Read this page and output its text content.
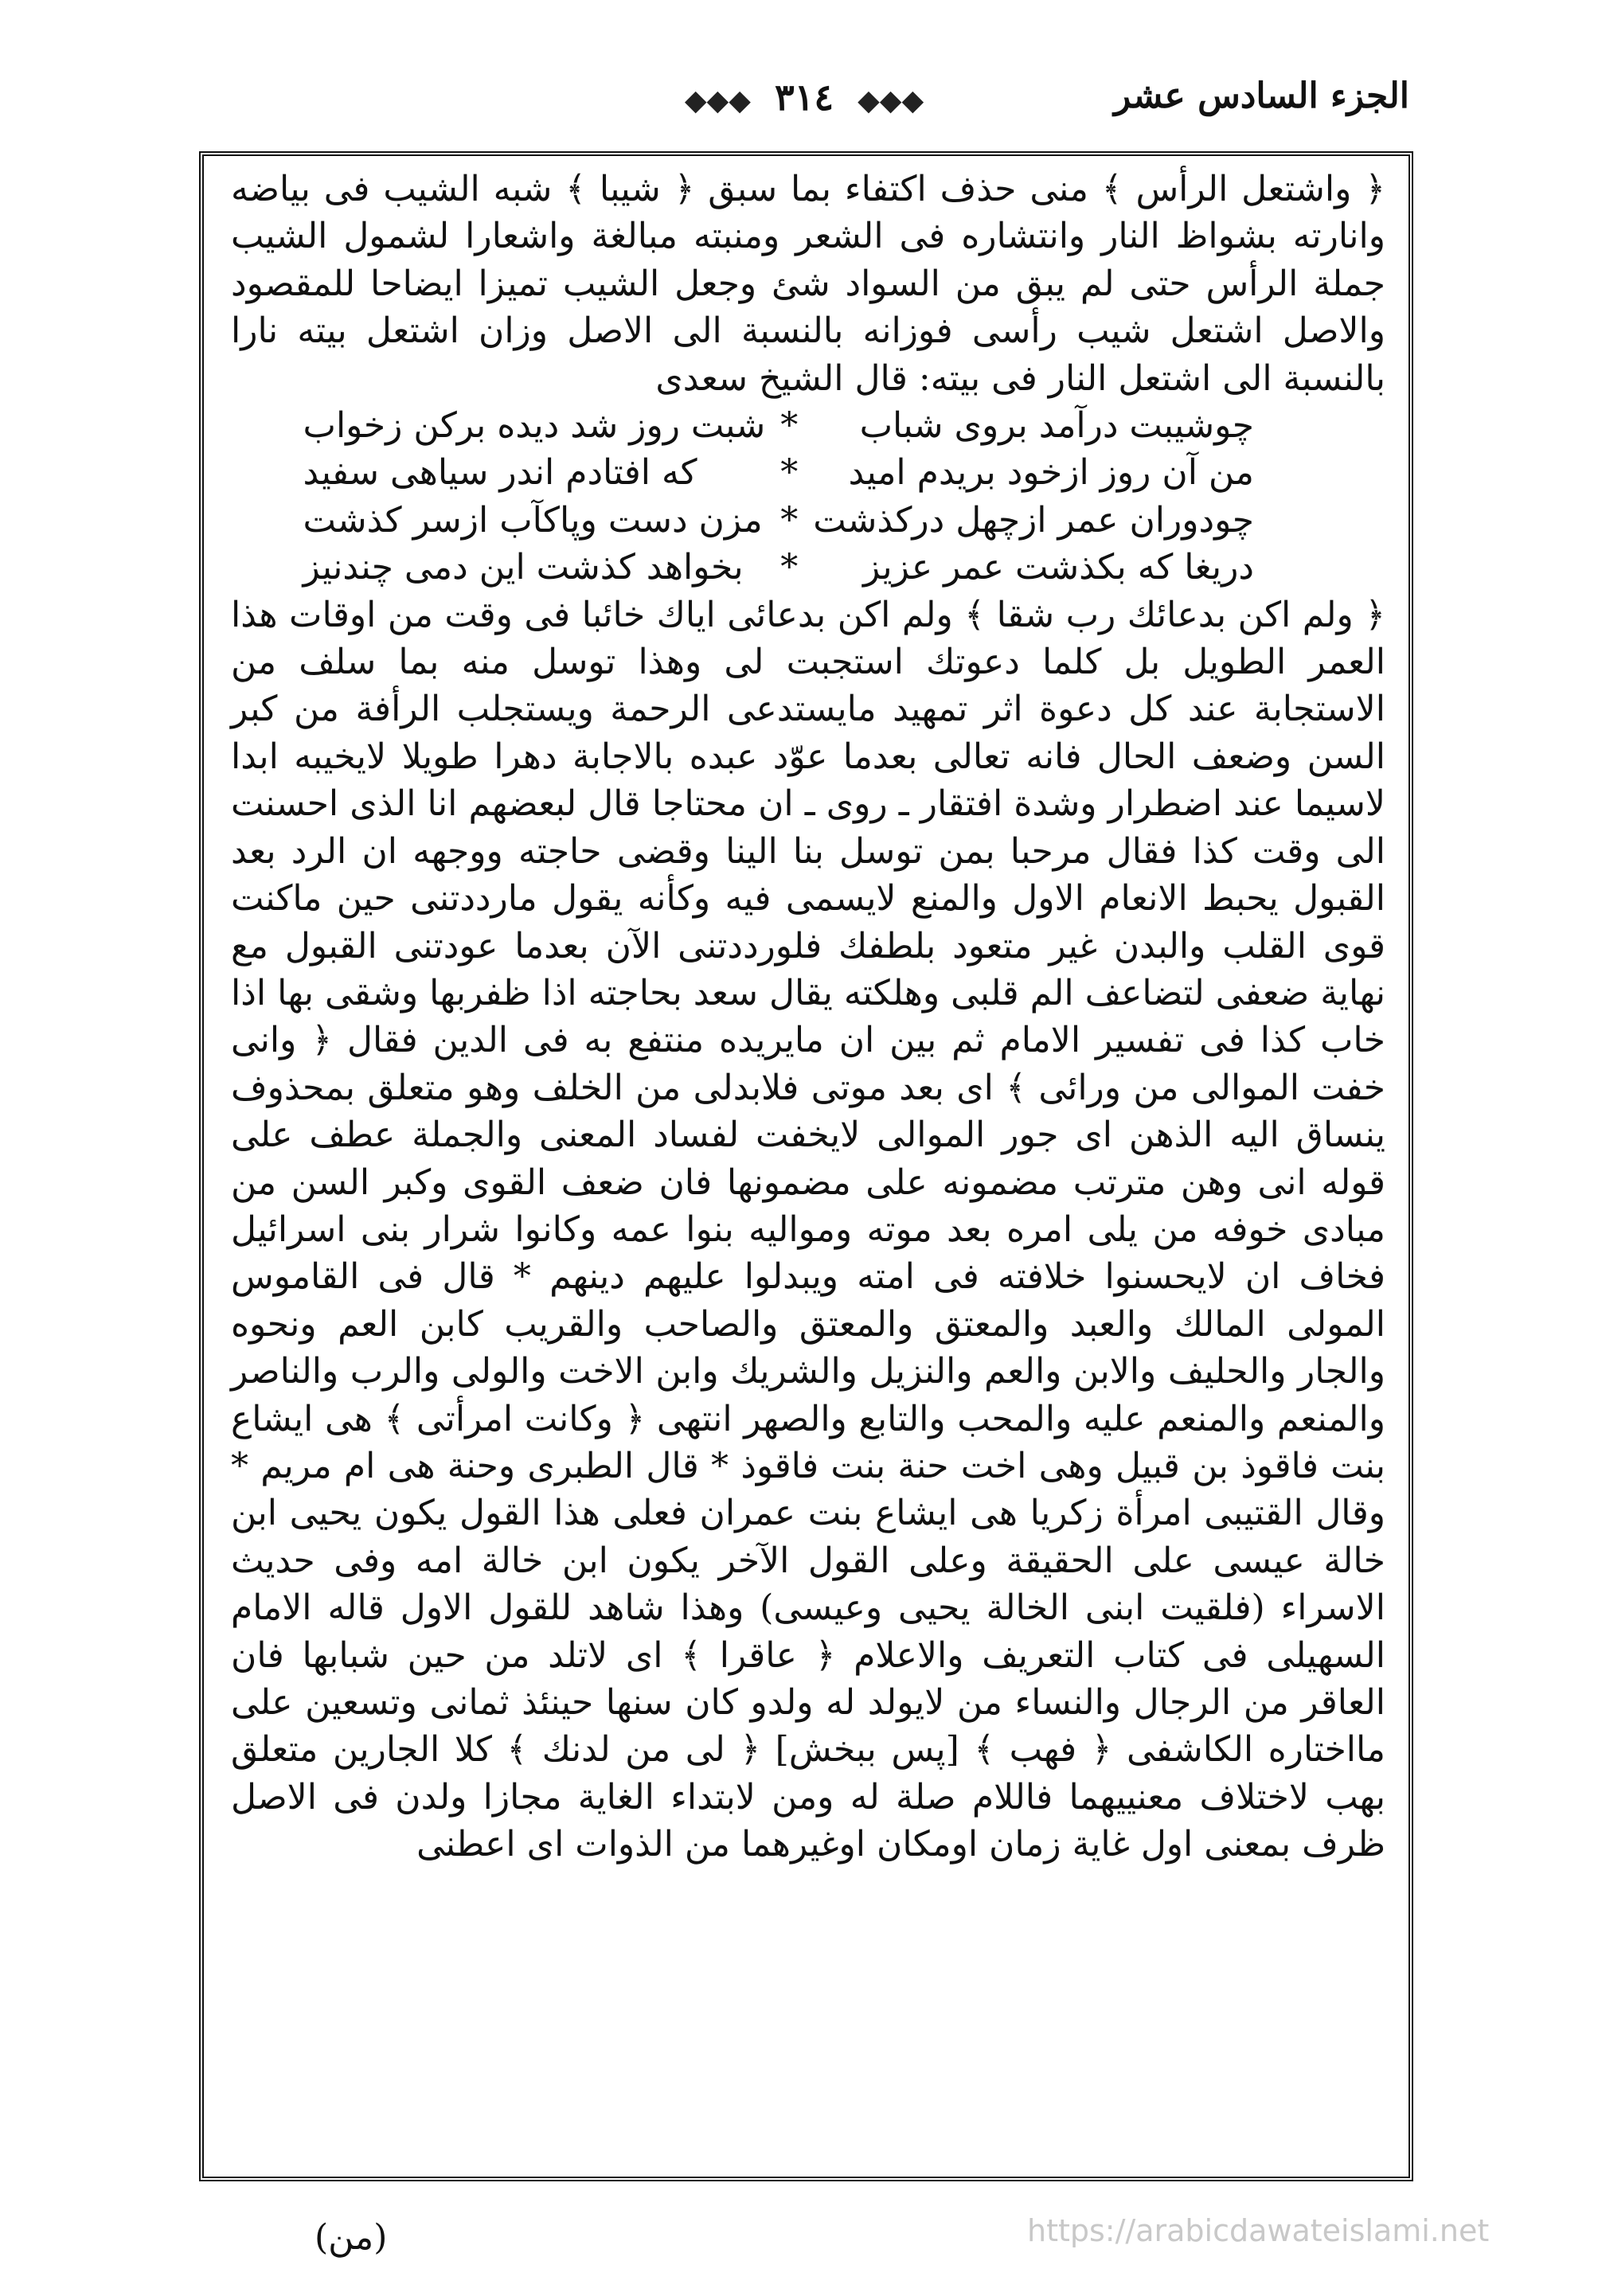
الجزء السادس عشر
◆◆◆ ٣١٤ ◆◆◆

﴿ واشتعل الرأس ﴾ منى حذف اكتفاء بما سبق ﴿ شيبا ﴾ شبه الشيب فى بياضه وانارته بشواظ النار وانتشاره فى الشعر ومنبته مبالغة واشعارا لشمول الشيب جملة الرأس حتى لم يبق من السواد شئ وجعل الشيب تميزا ايضاحا للمقصود والاصل اشتعل شيب رأسى فوزانه بالنسبة الى الاصل وزان اشتعل بيته نارا بالنسبة الى اشتعل النار فى بيته: قال الشيخ سعدى

چوشيبت درآمد بروى شباب
*
شبت روز شد ديده بركن زخواب
من آن روز ازخود بريدم اميد
*
كه افتادم اندر سياهى سفيد
چودوران عمر ازچهل دركذشت
*
مزن دست وپاكآب ازسر كذشت
دريغا كه بكذشت عمر عزيز
*
بخواهد كذشت اين دمى چندنيز

﴿ ولم اكن بدعائك رب شقا ﴾ ولم اكن بدعائى اياك خائبا فى وقت من اوقات هذا العمر الطويل بل كلما دعوتك استجبت لى وهذا توسل منه بما سلف من الاستجابة عند كل دعوة اثر تمهيد مايستدعى الرحمة ويستجلب الرأفة من كبر السن وضعف الحال فانه تعالى بعدما عوّد عبده بالاجابة دهرا طويلا لايخيبه ابدا لاسيما عند اضطرار وشدة افتقار ـ روى ـ ان محتاجا قال لبعضهم انا الذى احسنت الى وقت كذا فقال مرحبا بمن توسل بنا الينا وقضى حاجته ووجهه ان الرد بعد القبول يحبط الانعام الاول والمنع لايسمى فيه وكأنه يقول مارددتنى حين ماكنت قوى القلب والبدن غير متعود بلطفك فلورددتنى الآن بعدما عودتنى القبول مع نهاية ضعفى لتضاعف الم قلبى وهلكته يقال سعد بحاجته اذا ظفربها وشقى بها اذا خاب كذا فى تفسير الامام ثم بين ان مايريده منتفع به فى الدين فقال ﴿ وانى خفت الموالى من ورائى ﴾ اى بعد موتى فلابدلى من الخلف وهو متعلق بمحذوف ينساق اليه الذهن اى جور الموالى لايخفت لفساد المعنى والجملة عطف على قوله انى وهن مترتب مضمونه على مضمونها فان ضعف القوى وكبر السن من مبادى خوفه من يلى امره بعد موته ومواليه بنوا عمه وكانوا شرار بنى اسرائيل فخاف ان لايحسنوا خلافته فى امته ويبدلوا عليهم دينهم * قال فى القاموس المولى المالك والعبد والمعتق والمعتق والصاحب والقريب كابن العم ونحوه والجار والحليف والابن والعم والنزيل والشريك وابن الاخت والولى والرب والناصر والمنعم والمنعم عليه والمحب والتابع والصهر انتهى ﴿ وكانت امرأتى ﴾ هى ايشاع بنت فاقوذ بن قبيل وهى اخت حنة بنت فاقوذ * قال الطبرى وحنة هى ام مريم * وقال القتيبى امرأة زكريا هى ايشاع بنت عمران فعلى هذا القول يكون يحيى ابن خالة عيسى على الحقيقة وعلى القول الآخر يكون ابن خالة امه وفى حديث الاسراء (فلقيت ابنى الخالة يحيى وعيسى) وهذا شاهد للقول الاول قاله الامام السهيلى فى كتاب التعريف والاعلام ﴿ عاقرا ﴾ اى لاتلد من حين شبابها فان العاقر من الرجال والنساء من لايولد له ولدو كان سنها حينئذ ثمانى وتسعين على مااختاره الكاشفى ﴿ فهب ﴾ [پس ببخش] ﴿ لى من لدنك ﴾ كلا الجارين متعلق بهب لاختلاف معنييهما فاللام صلة له ومن لابتداء الغاية مجازا ولدن فى الاصل ظرف بمعنى اول غاية زمان اومكان اوغيرهما من الذوات اى اعطنى

(من)	https://arabicdawateislami.net
